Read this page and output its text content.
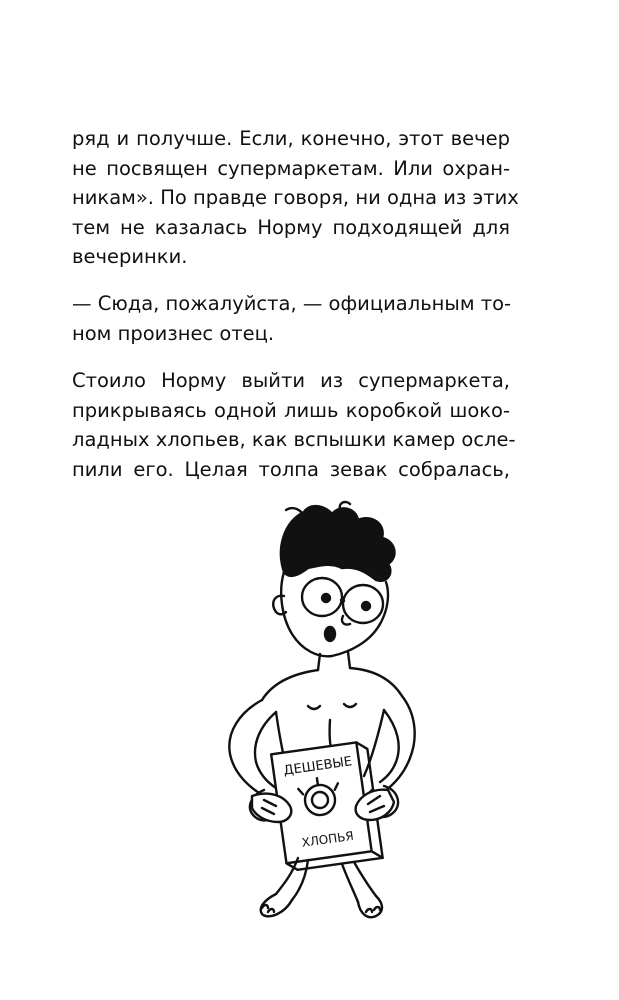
ряд и получше. Если, конечно, этот вечер
не посвящен супермаркетам. Или охран-
никам». По правде говоря, ни одна из этих
тем не казалась Норму подходящей для
вечеринки.
— Сюда, пожалуйста, — официальным то-
ном произнес отец.
Стоило Норму выйти из супермаркета,
прикрываясь одной лишь коробкой шоко-
ладных хлопьев, как вспышки камер осле-
пили его. Целая толпа зевак собралась,
ДЕШЕВЫЕ
ХЛОПЬЯ
